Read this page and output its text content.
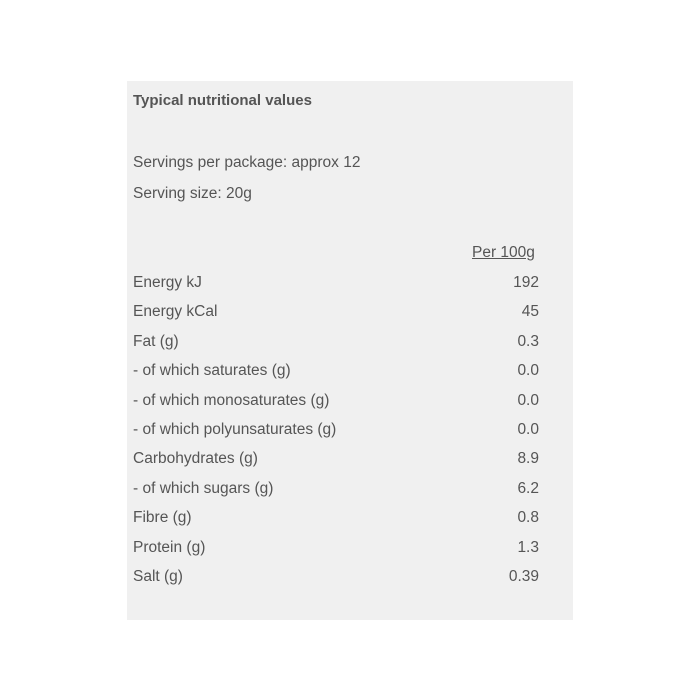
Typical nutritional values
Servings per package: approx 12
Serving size: 20g
Per 100g
Energy kJ	192
Energy kCal	45
Fat (g)	0.3
- of which saturates (g)	0.0
- of which monosaturates (g)	0.0
- of which polyunsaturates (g)	0.0
Carbohydrates (g)	8.9
- of which sugars (g)	6.2
Fibre (g)	0.8
Protein (g)	1.3
Salt (g)	0.39
